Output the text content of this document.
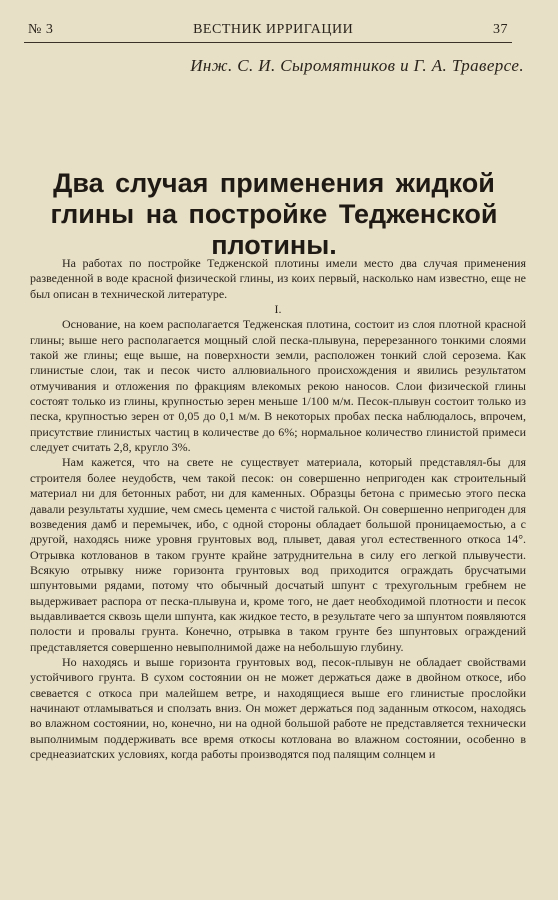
№ 3	ВЕСТНИК ИРРИГАЦИИ	37
Инж. С. И. Сыромятников и Г. А. Траверсе.
Два случая применения жидкой глины на постройке Тедженской плотины.

На работах по постройке Тедженской плотины имели место два случая применения разведенной в воде красной физической глины, из коих первый, насколько нам известно, еще не был описан в технической литературе.

I.

Основание, на коем располагается Тедженская плотина, состоит из слоя плотной красной глины; выше него располагается мощный слой песка-плывуна, перерезанного тонкими слоями такой же глины; еще выше, на поверхности земли, расположен тонкий слой серозема. Как глинистые слои, так и песок чисто аллювиального происхождения и явились результатом отмучивания и отложения по фракциям влекомых рекою наносов. Слои физической глины состоят только из глины, крупностью зерен меньше 1/100 м/м. Песок-плывун состоит только из песка, крупностью зерен от 0,05 до 0,1 м/м. В некоторых пробах песка наблюдалось, впрочем, присутствие глинистых частиц в количестве до 6%; нормальное количество глинистой примеси следует считать 2,8, кругло 3%.

Нам кажется, что на свете не существует материала, который представлял-бы для строителя более неудобств, чем такой песок: он совершенно непригоден как строительный материал ни для бетонных работ, ни для каменных. Образцы бетона с примесью этого песка давали результаты худшие, чем смесь цемента с чистой галькой. Он совершенно непригоден для возведения дамб и перемычек, ибо, с одной стороны обладает большой проницаемостью, а с другой, находясь ниже уровня грунтовых вод, плывет, давая угол естественного откоса 14°. Отрывка котлованов в таком грунте крайне затруднительна в силу его легкой плывучести. Всякую отрывку ниже горизонта грунтовых вод приходится ограждать брусчатыми шпунтовыми рядами, потому что обычный досчатый шпунт с трехугольным гребнем не выдерживает распора от песка-плывуна и, кроме того, не дает необходимой плотности и песок выдавливается сквозь щели шпунта, как жидкое тесто, в результате чего за шпунтом появляются полости и провалы грунта. Конечно, отрывка в таком грунте без шпунтовых ограждений представляется совершенно невыполнимой даже на небольшую глубину.

Но находясь и выше горизонта грунтовых вод, песок-плывун не обладает свойствами устойчивого грунта. В сухом состоянии он не может держаться даже в двойном откосе, ибо свевается с откоса при малейшем ветре, и находящиеся выше его глинистые прослойки начинают отламываться и сползать вниз. Он может держаться под заданным откосом, находясь во влажном состоянии, но, конечно, ни на одной большой работе не представляется технически выполнимым поддерживать все время откосы котлована во влажном состоянии, особенно в среднеазиатских условиях, когда работы производятся под палящим солнцем и
